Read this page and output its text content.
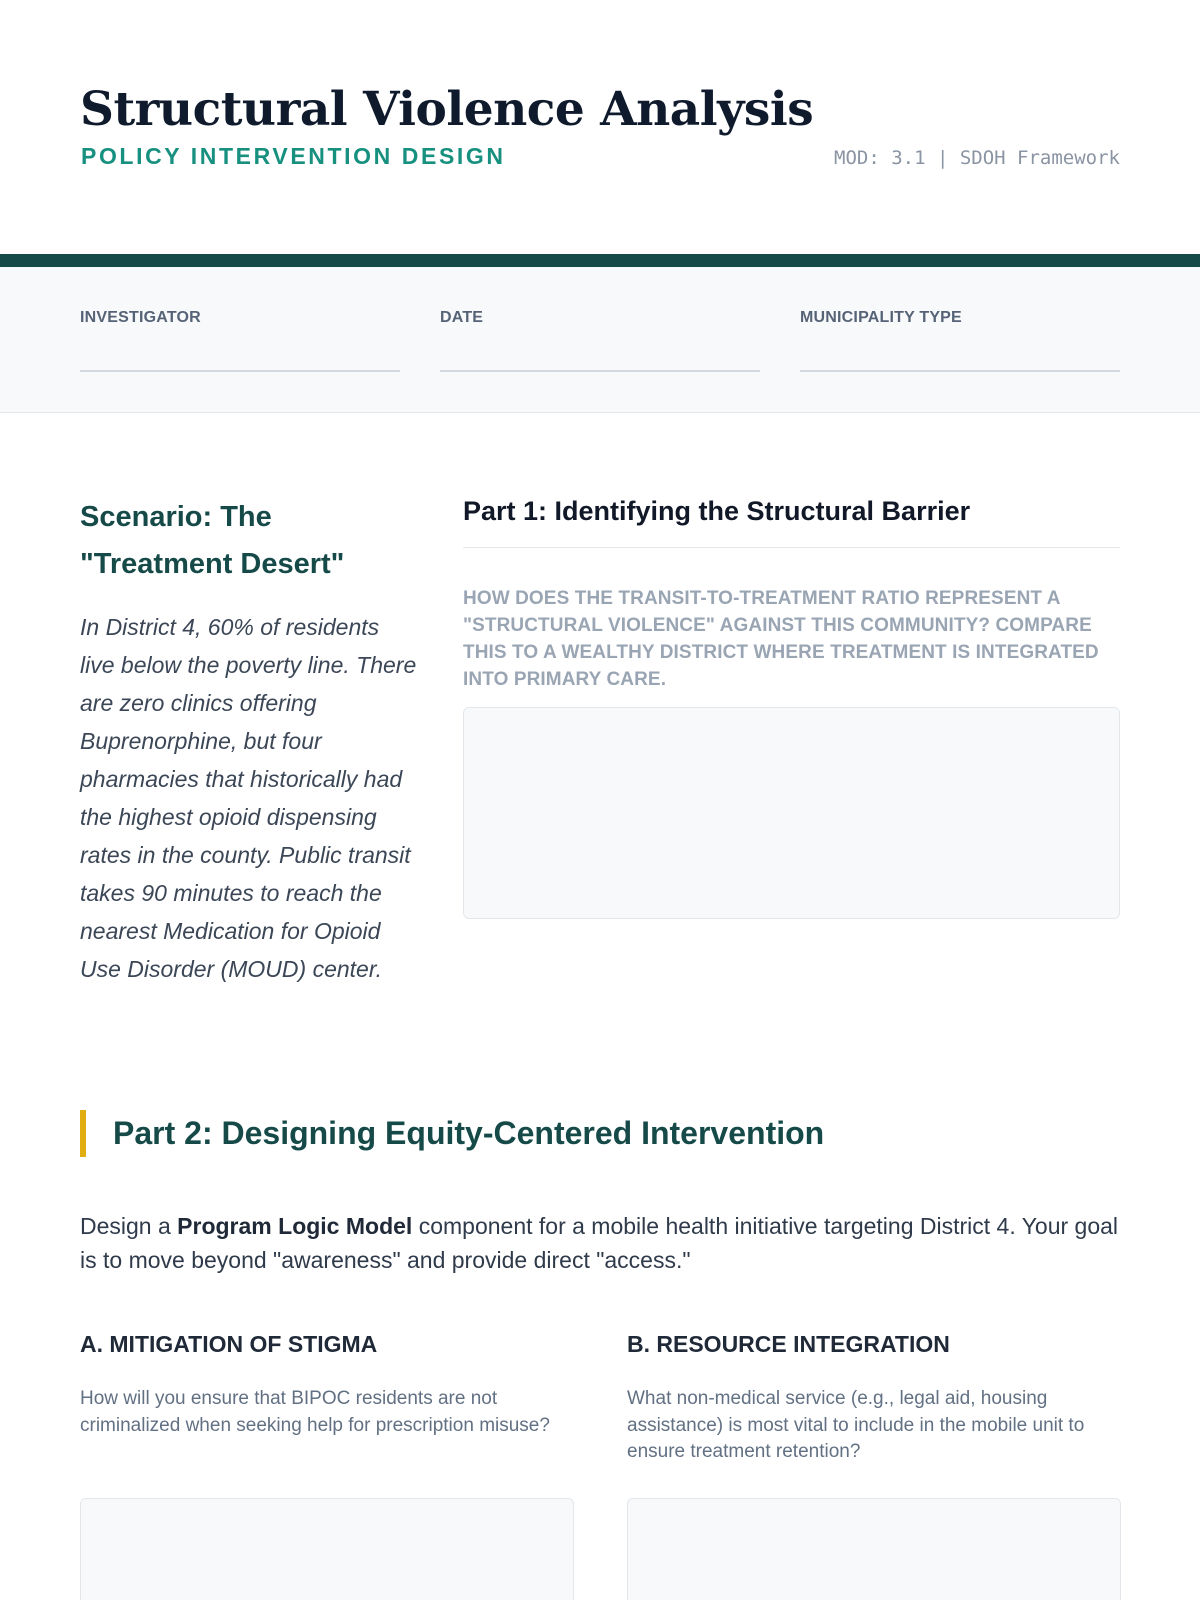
Structural Violence Analysis
POLICY INTERVENTION DESIGN	MOD: 3.1 | SDOH Framework
INVESTIGATOR	DATE	MUNICIPALITY TYPE
Scenario: The "Treatment Desert"
In District 4, 60% of residents live below the poverty line. There are zero clinics offering Buprenorphine, but four pharmacies that historically had the highest opioid dispensing rates in the county. Public transit takes 90 minutes to reach the nearest Medication for Opioid Use Disorder (MOUD) center.
Part 1: Identifying the Structural Barrier
HOW DOES THE TRANSIT-TO-TREATMENT RATIO REPRESENT A "STRUCTURAL VIOLENCE" AGAINST THIS COMMUNITY? COMPARE THIS TO A WEALTHY DISTRICT WHERE TREATMENT IS INTEGRATED INTO PRIMARY CARE.
Part 2: Designing Equity-Centered Intervention
Design a Program Logic Model component for a mobile health initiative targeting District 4. Your goal is to move beyond "awareness" and provide direct "access."
A. MITIGATION OF STIGMA
How will you ensure that BIPOC residents are not criminalized when seeking help for prescription misuse?
B. RESOURCE INTEGRATION
What non-medical service (e.g., legal aid, housing assistance) is most vital to include in the mobile unit to ensure treatment retention?
